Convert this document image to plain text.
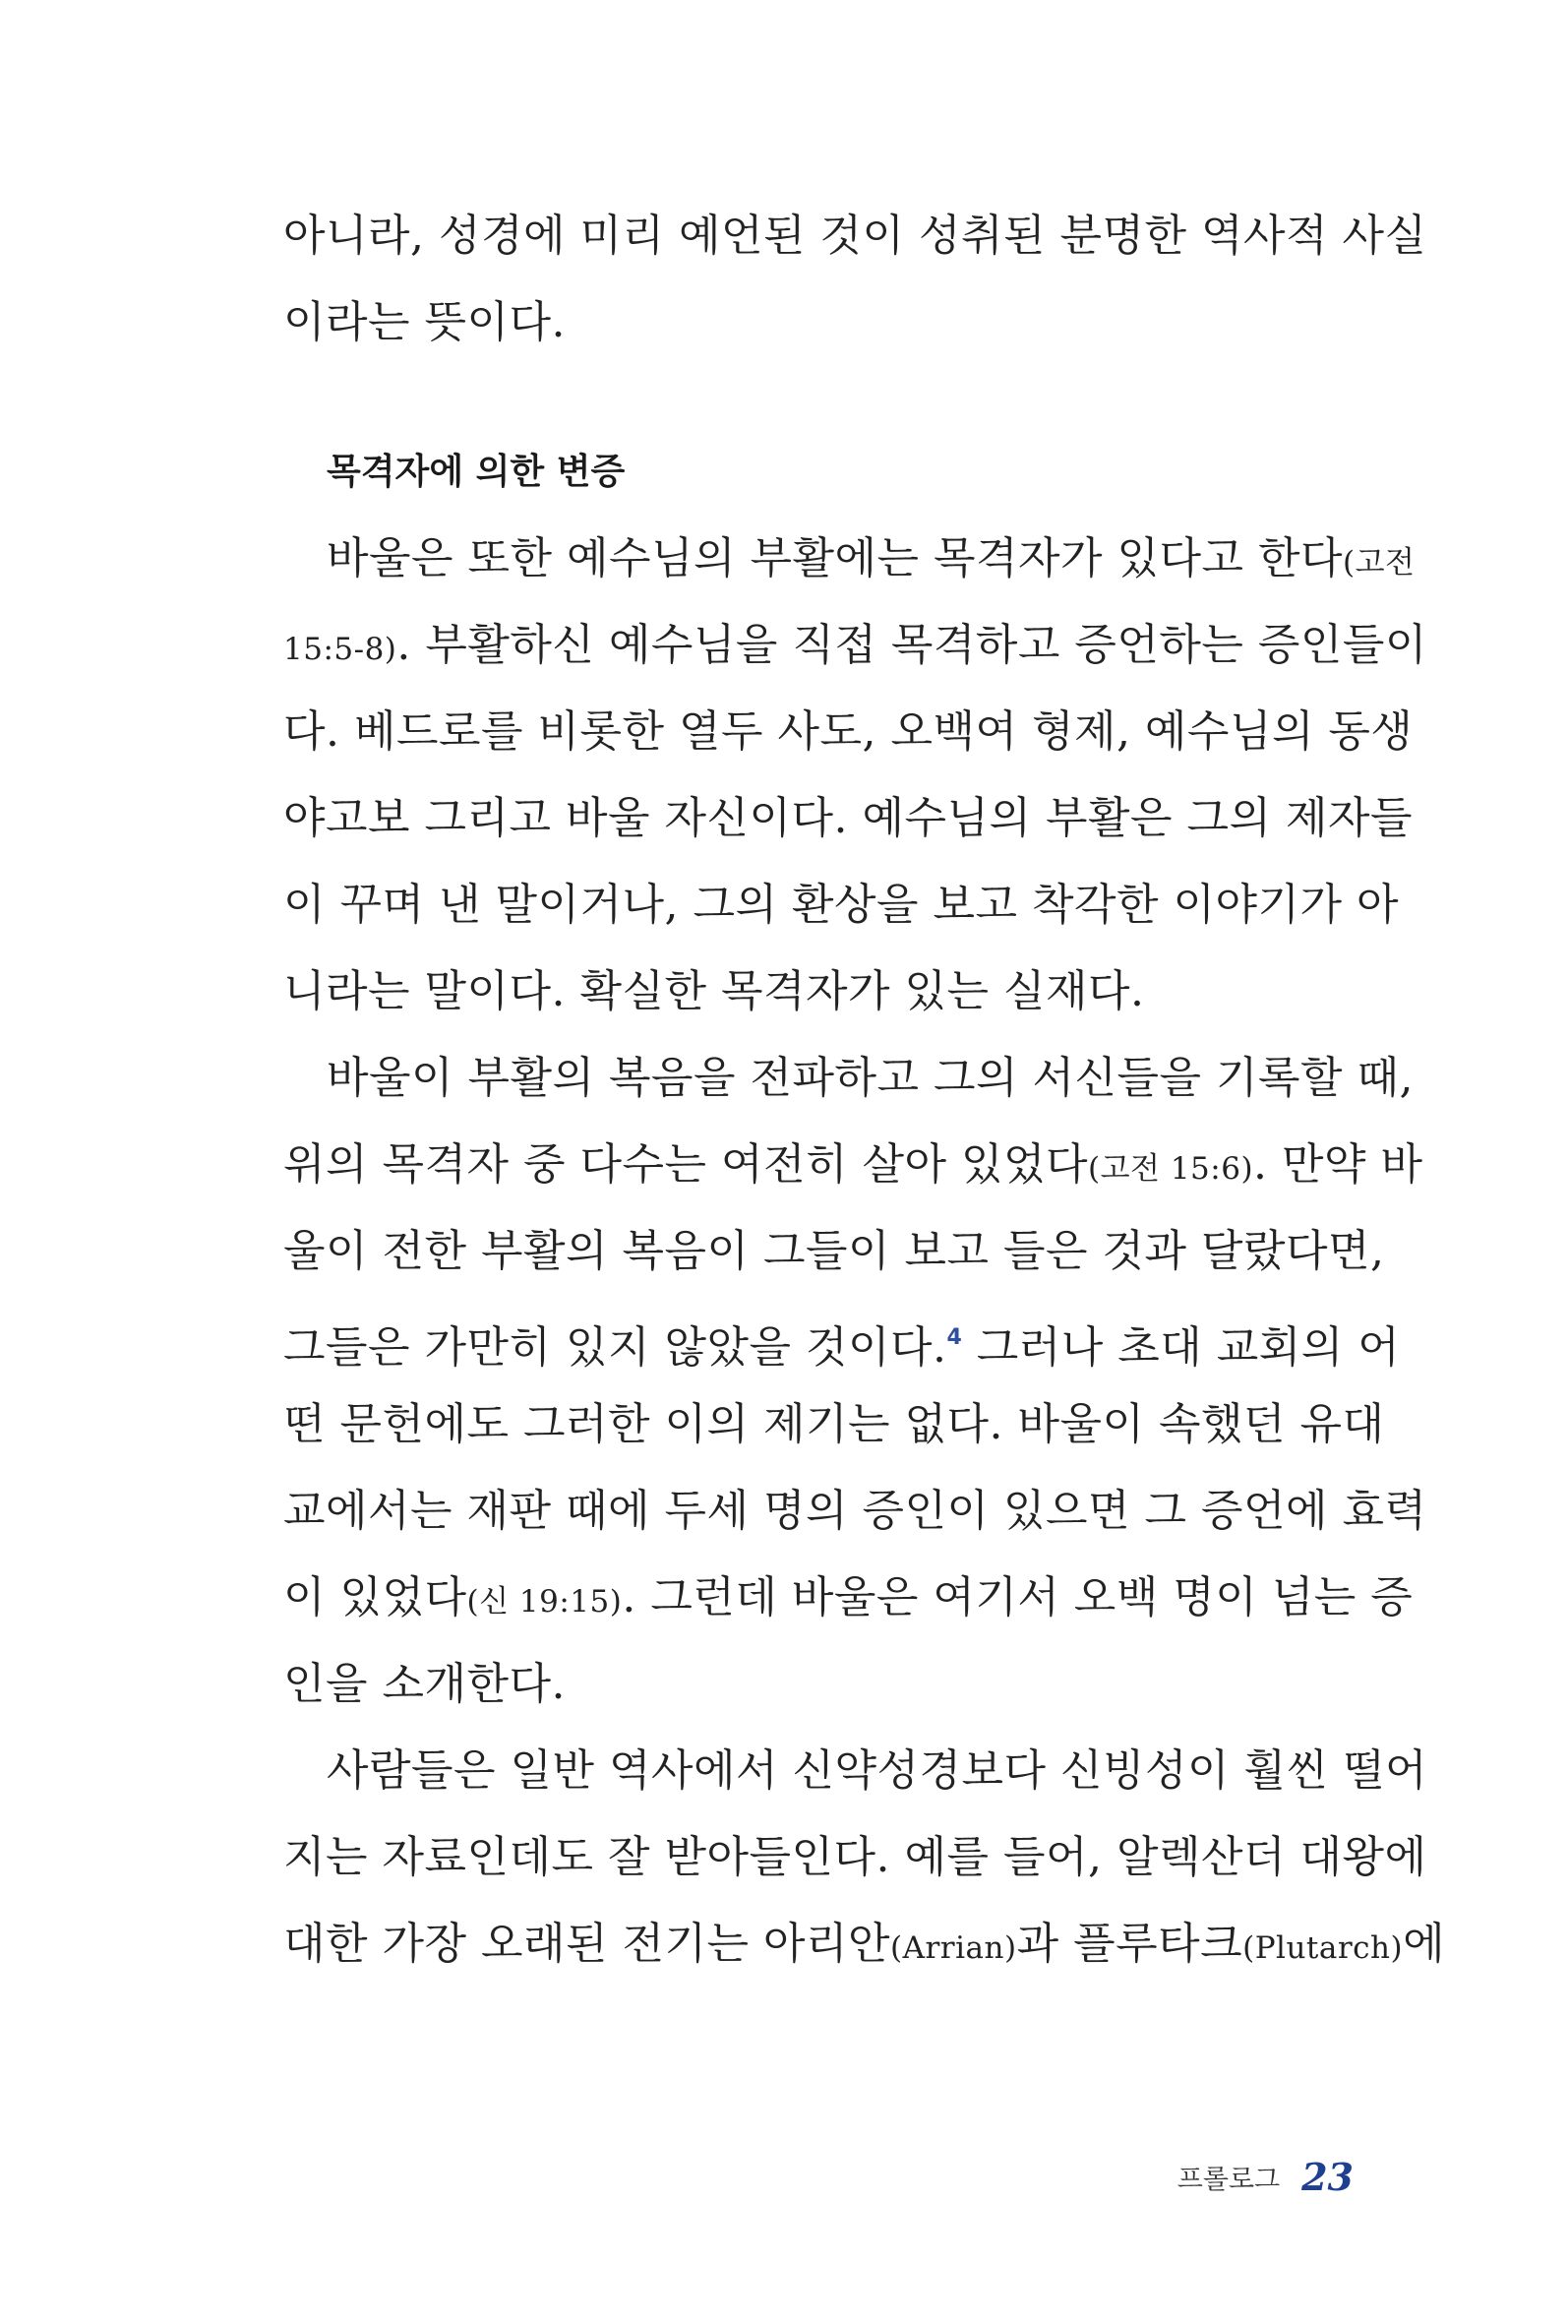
아니라, 성경에 미리 예언된 것이 성취된 분명한 역사적 사실
이라는 뜻이다.
목격자에 의한 변증
바울은 또한 예수님의 부활에는 목격자가 있다고 한다(고전
15:5-8). 부활하신 예수님을 직접 목격하고 증언하는 증인들이
다. 베드로를 비롯한 열두 사도, 오백여 형제, 예수님의 동생
야고보 그리고 바울 자신이다. 예수님의 부활은 그의 제자들
이 꾸며 낸 말이거나, 그의 환상을 보고 착각한 이야기가 아
니라는 말이다. 확실한 목격자가 있는 실재다.
바울이 부활의 복음을 전파하고 그의 서신들을 기록할 때,
위의 목격자 중 다수는 여전히 살아 있었다(고전 15:6). 만약 바
울이 전한 부활의 복음이 그들이 보고 들은 것과 달랐다면,
그들은 가만히 있지 않았을 것이다.$^4$ 그러나 초대 교회의 어
떤 문헌에도 그러한 이의 제기는 없다. 바울이 속했던 유대
교에서는 재판 때에 두세 명의 증인이 있으면 그 증언에 효력
이 있었다(신 19:15). 그런데 바울은 여기서 오백 명이 넘는 증
인을 소개한다.
사람들은 일반 역사에서 신약성경보다 신빙성이 훨씬 떨어
지는 자료인데도 잘 받아들인다. 예를 들어, 알렉산더 대왕에
대한 가장 오래된 전기는 아리안(Arrian)과 플루타크(Plutarch)에
프롤로그 23
